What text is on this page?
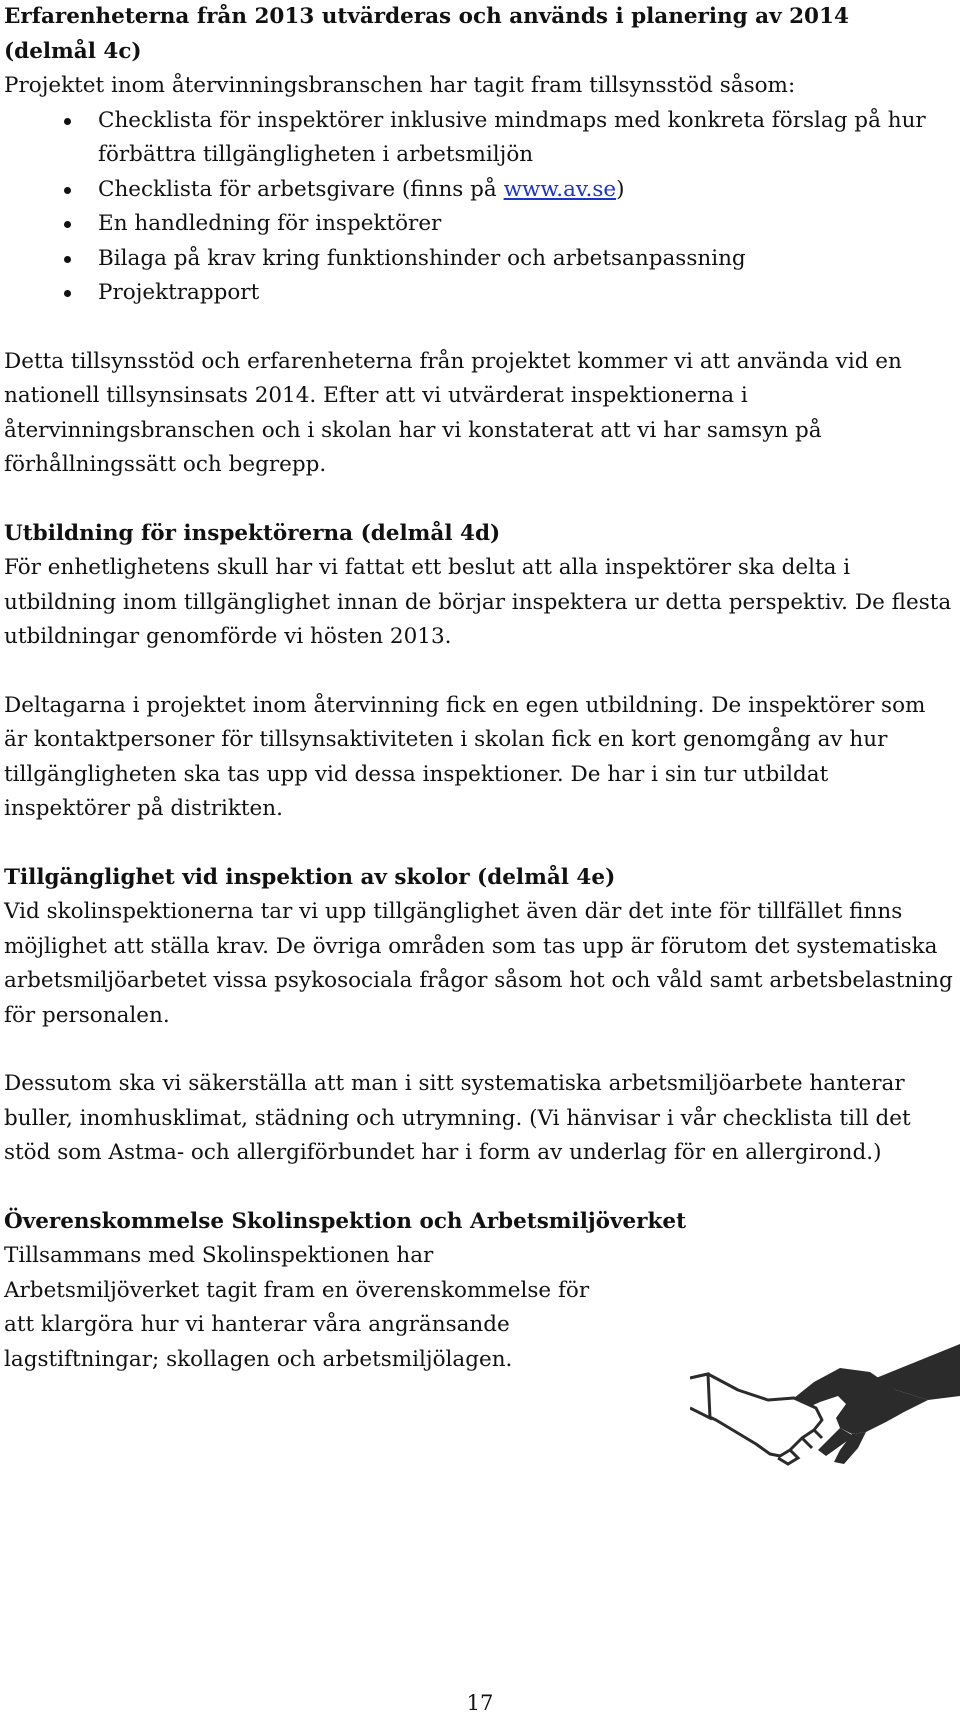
Erfarenheterna från 2013 utvärderas och används i planering av 2014
(delmål 4c)

Projektet inom återvinningsbranschen har tagit fram tillsynsstöd såsom:

Checklista för inspektörer inklusive mindmaps med konkreta förslag på hur förbättra tillgängligheten i arbetsmiljön
Checklista för arbetsgivare (finns på www.av.se)
En handledning för inspektörer
Bilaga på krav kring funktionshinder och arbetsanpassning
Projektrapport

Detta tillsynsstöd och erfarenheterna från projektet kommer vi att använda vid en nationell tillsynsinsats 2014. Efter att vi utvärderat inspektionerna i återvinningsbranschen och i skolan har vi konstaterat att vi har samsyn på förhållningssätt och begrepp.

Utbildning för inspektörerna (delmål 4d)

För enhetlighetens skull har vi fattat ett beslut att alla inspektörer ska delta i utbildning inom tillgänglighet innan de börjar inspektera ur detta perspektiv. De flesta utbildningar genomförde vi hösten 2013.

Deltagarna i projektet inom återvinning fick en egen utbildning. De inspektörer som är kontaktpersoner för tillsynsaktiviteten i skolan fick en kort genomgång av hur tillgängligheten ska tas upp vid dessa inspektioner. De har i sin tur utbildat inspektörer på distrikten.

Tillgänglighet vid inspektion av skolor (delmål 4e)

Vid skolinspektionerna tar vi upp tillgänglighet även där det inte för tillfället finns möjlighet att ställa krav. De övriga områden som tas upp är förutom det systematiska arbetsmiljöarbetet vissa psykosociala frågor såsom hot och våld samt arbetsbelastning för personalen.

Dessutom ska vi säkerställa att man i sitt systematiska arbetsmiljöarbete hanterar buller, inomhusklimat, städning och utrymning. (Vi hänvisar i vår checklista till det stöd som Astma- och allergiförbundet har i form av underlag för en allergirond.)

Överenskommelse Skolinspektion och Arbetsmiljöverket

Tillsammans med Skolinspektionen har

Arbetsmiljöverket tagit fram en överenskommelse för

att klargöra hur vi hanterar våra angränsande

lagstiftningar; skollagen och arbetsmiljölagen.

17
